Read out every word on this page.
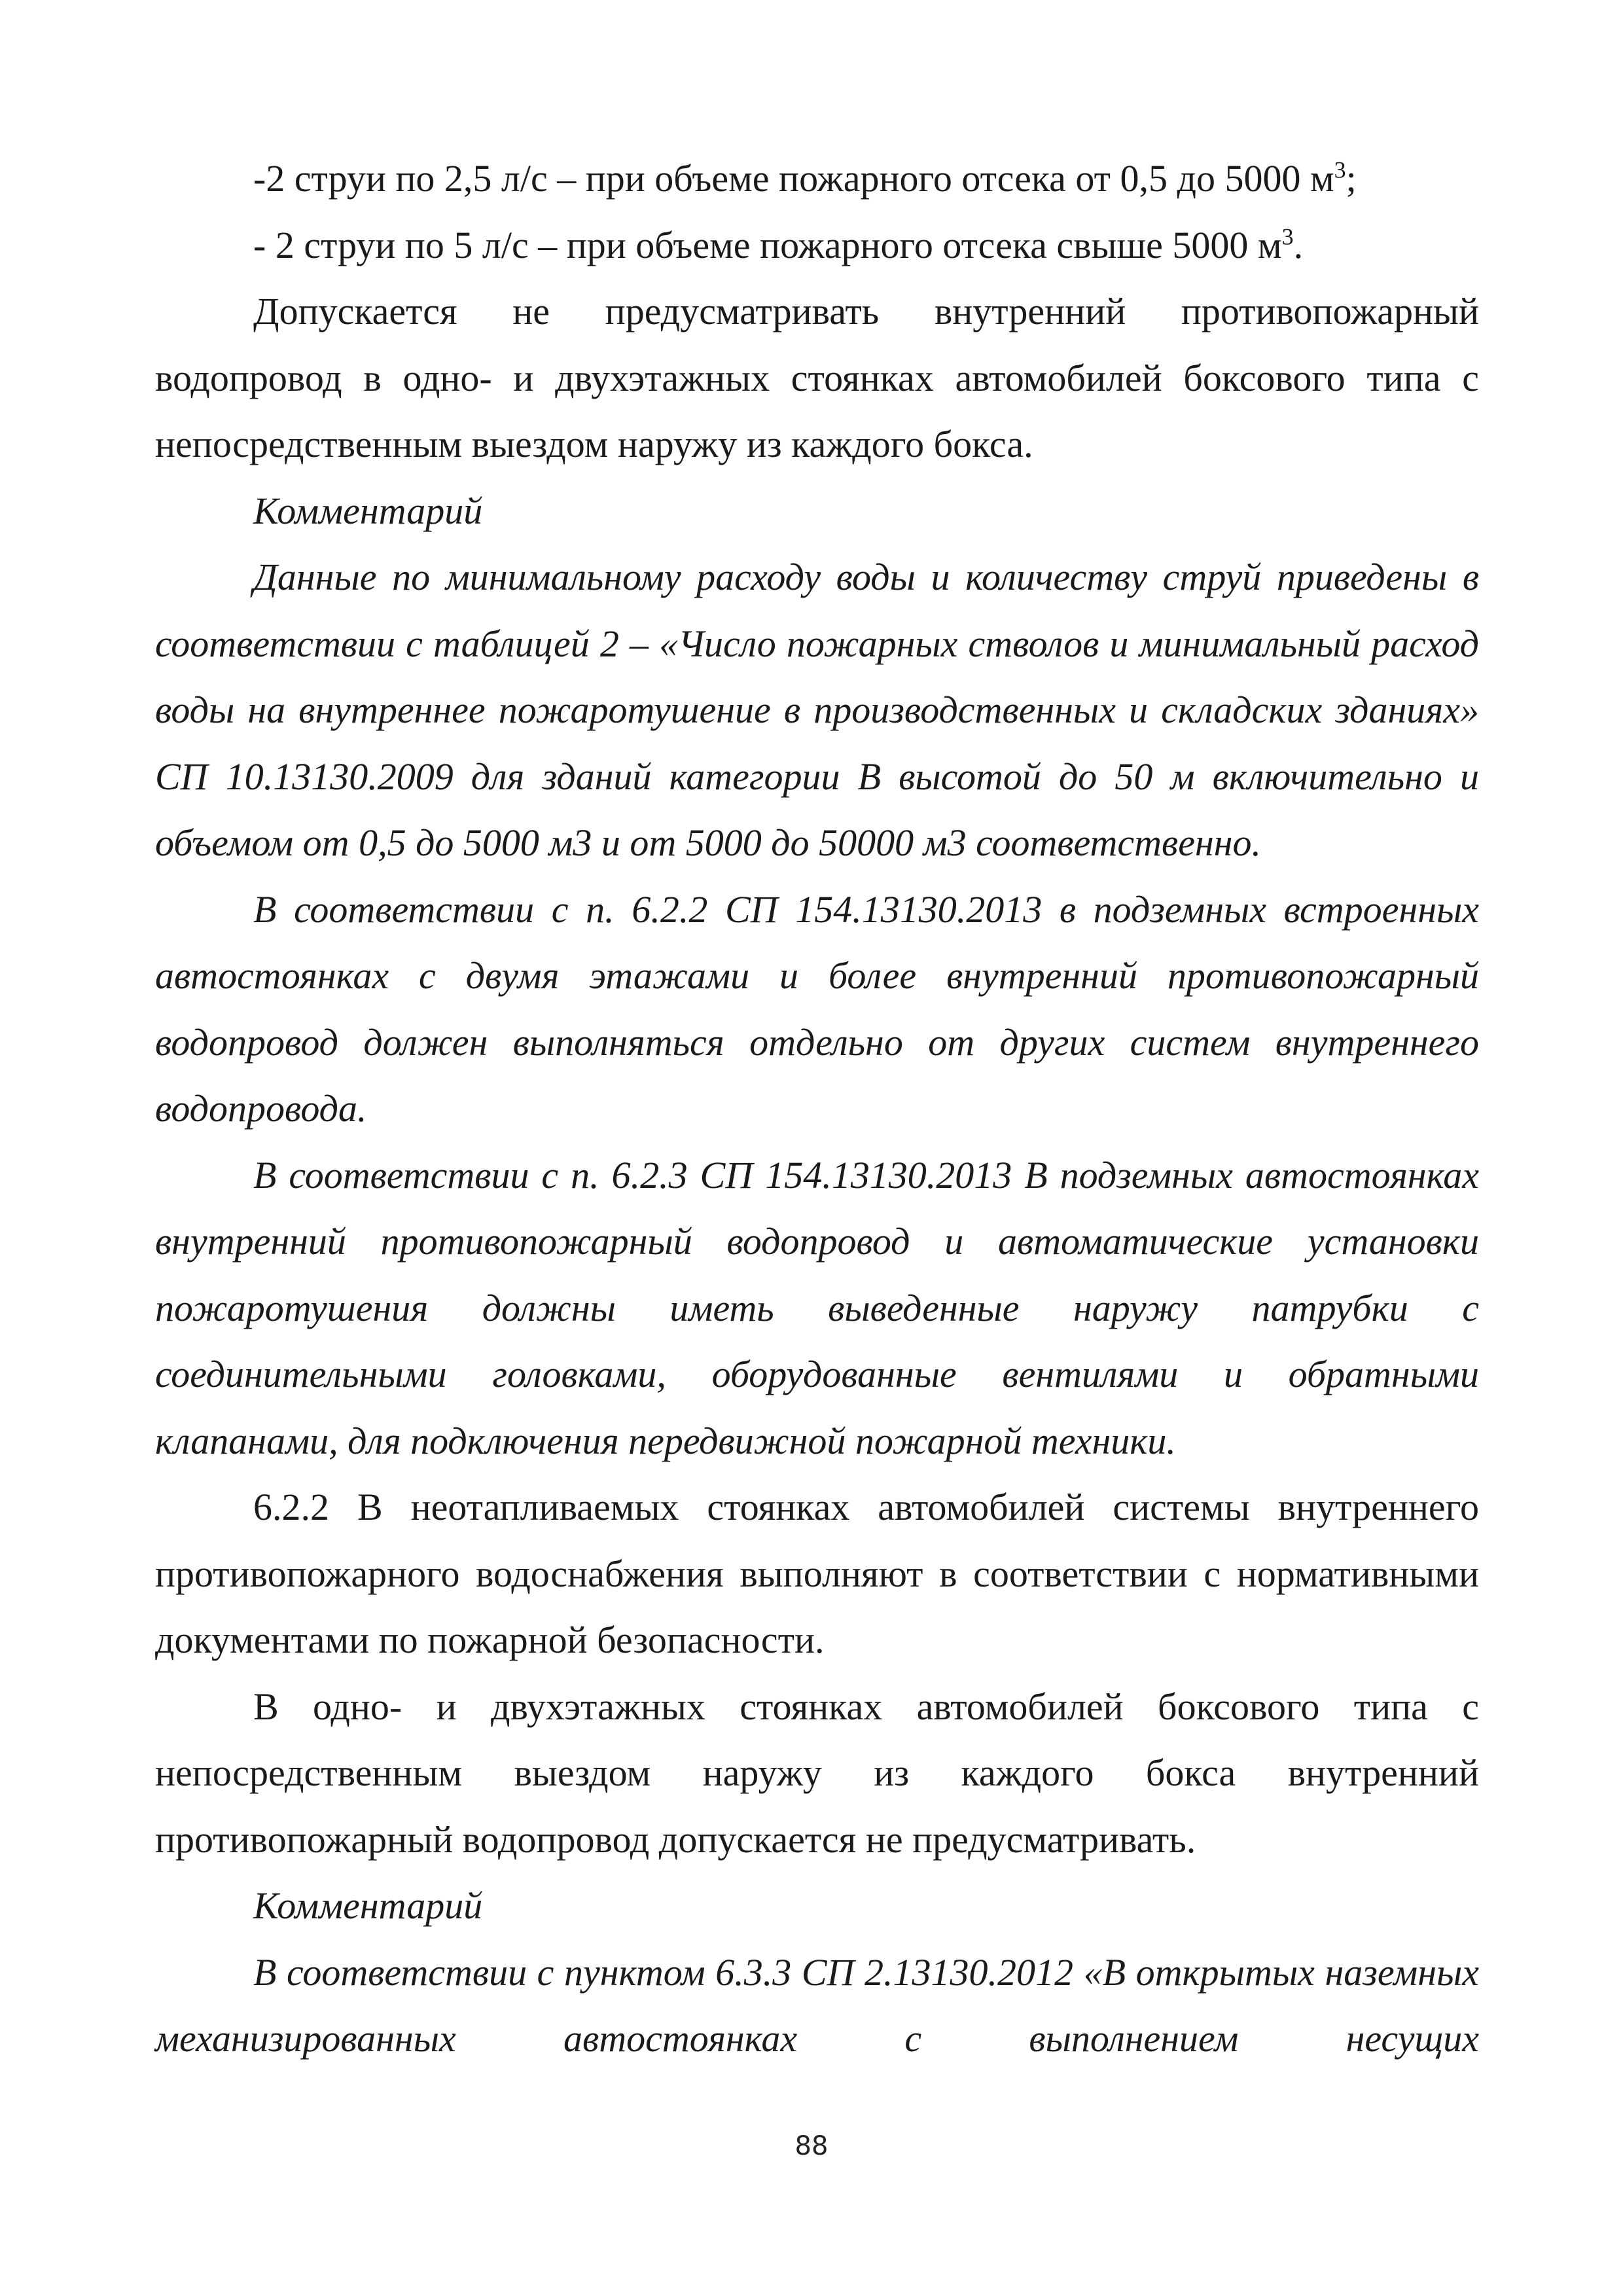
-2 струи по 2,5 л/с – при объеме пожарного отсека от 0,5 до 5000 $м^3$;

- 2 струи по 5 л/с – при объеме пожарного отсека свыше 5000 $м^3$.

Допускается не предусматривать внутренний противопожарный водопровод в одно- и двухэтажных стоянках автомобилей боксового типа с непосредственным выездом наружу из каждого бокса.

Комментарий

Данные по минимальному расходу воды и количеству струй приведены в соответствии с таблицей 2 – «Число пожарных стволов и минимальный расход воды на внутреннее пожаротушение в производственных и складских зданиях» СП 10.13130.2009 для зданий категории В высотой до 50 м включительно и объемом от 0,5 до 5000 м3 и от 5000 до 50000 м3 соответственно.

В соответствии с п. 6.2.2 СП 154.13130.2013 в подземных встроенных автостоянках с двумя этажами и более внутренний противопожарный водопровод должен выполняться отдельно от других систем внутреннего водопровода.

В соответствии с п. 6.2.3 СП 154.13130.2013 В подземных автостоянках внутренний противопожарный водопровод и автоматические установки пожаротушения должны иметь выведенные наружу патрубки с соединительными головками, оборудованные вентилями и обратными клапанами, для подключения передвижной пожарной техники.

6.2.2 В неотапливаемых стоянках автомобилей системы внутреннего противопожарного водоснабжения выполняют в соответствии с нормативными документами по пожарной безопасности.

В одно- и двухэтажных стоянках автомобилей боксового типа с непосредственным выездом наружу из каждого бокса внутренний противопожарный водопровод допускается не предусматривать.

Комментарий

В соответствии с пунктом 6.3.3 СП 2.13130.2012 «В открытых наземных механизированных автостоянках с выполнением несущих

88
